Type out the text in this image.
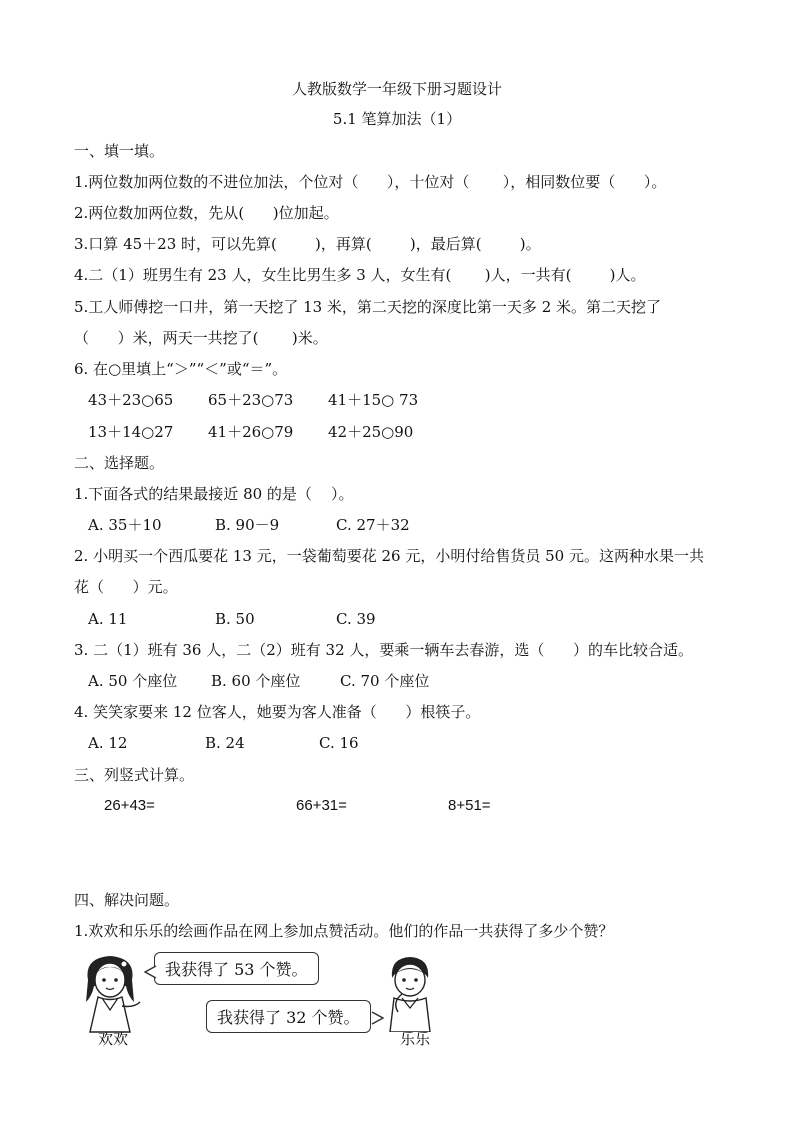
人教版数学一年级下册习题设计
5.1 笔算加法（1）
一、填一填。
1.两位数加两位数的不进位加法，个位对（      ），十位对（       ），相同数位要（      ）。
2.两位数加两位数，先从(      )位加起。
3.口算 45＋23 时，可以先算(        )，再算(        )，最后算(        )。
4.二（1）班男生有 23 人，女生比男生多 3 人，女生有(       )人，一共有(        )人。
5.工人师傅挖一口井，第一天挖了 13 米，第二天挖的深度比第一天多 2 米。第二天挖了
（      ）米，两天一共挖了(       )米。
6. 在○里填上“＞”“＜”或“＝”。
43＋23○65 65＋23○73 41＋15○ 73
13＋14○27 41＋26○79 42＋25○90
二、选择题。
1.下面各式的结果最接近 80 的是（    ）。
A. 35＋10	B. 90－9	C. 27＋32
2. 小明买一个西瓜要花 13 元，一袋葡萄要花 26 元，小明付给售货员 50 元。这两种水果一共
花（      ）元。
A. 11	B. 50	C. 39
3. 二（1）班有 36 人，二（2）班有 32 人，要乘一辆车去春游，选（      ）的车比较合适。
A. 50 个座位 B. 60 个座位	C. 70 个座位
4. 笑笑家要来 12 位客人，她要为客人准备（      ）根筷子。
A. 12	B. 24	C. 16
三、列竖式计算。
26+43=	66+31=	8+51=
四、解决问题。
1.欢欢和乐乐的绘画作品在网上参加点赞活动。他们的作品一共获得了多少个赞？
欢欢
我获得了 53 个赞。
我获得了 32 个赞。
乐乐
